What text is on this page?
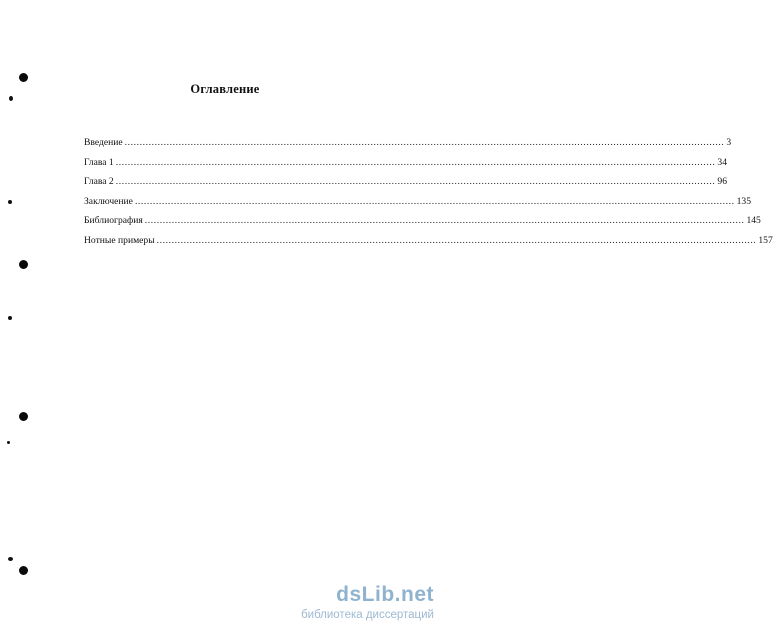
Оглавление
Введение ........................................................................................................................................................................................................ 3
Глава 1 ........................................................................................................................................................................................................ 34
Глава 2 ........................................................................................................................................................................................................ 96
Заключение ........................................................................................................................................................................................................ 135
Библиография ........................................................................................................................................................................................................ 145
Нотные примеры ........................................................................................................................................................................................................ 157
dsLib.net
библиотека диссертаций
